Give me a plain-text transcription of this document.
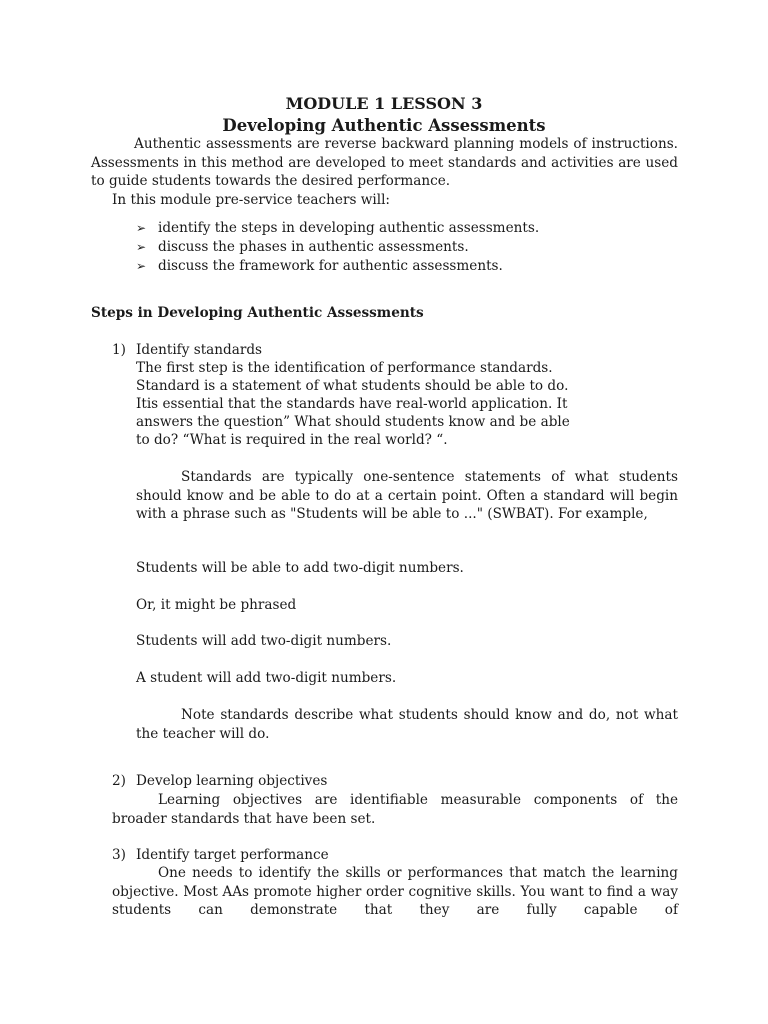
MODULE 1 LESSON 3
Developing Authentic Assessments

Authentic assessments are reverse backward planning models of instructions. Assessments in this method are developed to meet standards and activities are used to guide students towards the desired performance.

In this module pre-service teachers will:

➢ identify the steps in developing authentic assessments.
➢ discuss the phases in authentic assessments.
➢ discuss the framework for authentic assessments.
Steps in Developing Authentic Assessments
1) Identify standards

The first step is the identification of performance standards.

Standard is a statement of what students should be able to do.

Itis essential that the standards have real-world application. It

answers the question” What should students know and be able

to do? “What is required in the real world? “.

Standards are typically one-sentence statements of what students should know and be able to do at a certain point. Often a standard will begin with a phrase such as "Students will be able to ..." (SWBAT). For example,

Students will be able to add two-digit numbers.

Or, it might be phrased

Students will add two-digit numbers.

A student will add two-digit numbers.

Note standards describe what students should know and do, not what the teacher will do.

2) Develop learning objectives

Learning objectives are identifiable measurable components of the broader standards that have been set.

3) Identify target performance

One needs to identify the skills or performances that match the learning objective. Most AAs promote higher order cognitive skills. You want to find a way students can demonstrate that they are fully capable of
